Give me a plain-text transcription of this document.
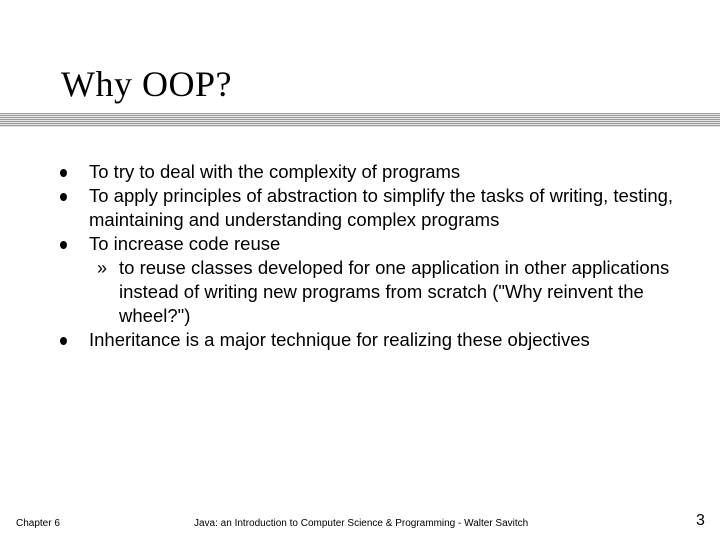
Why OOP?
To try to deal with the complexity of programs
To apply principles of abstraction to simplify the tasks of writing, testing, maintaining and understanding complex programs
To increase code reuse
» to reuse classes developed for one application in other applications instead of writing new programs from scratch ("Why reinvent the wheel?")
Inheritance is a major technique for realizing these objectives
Chapter 6	Java: an Introduction to Computer Science & Programming - Walter Savitch	3
